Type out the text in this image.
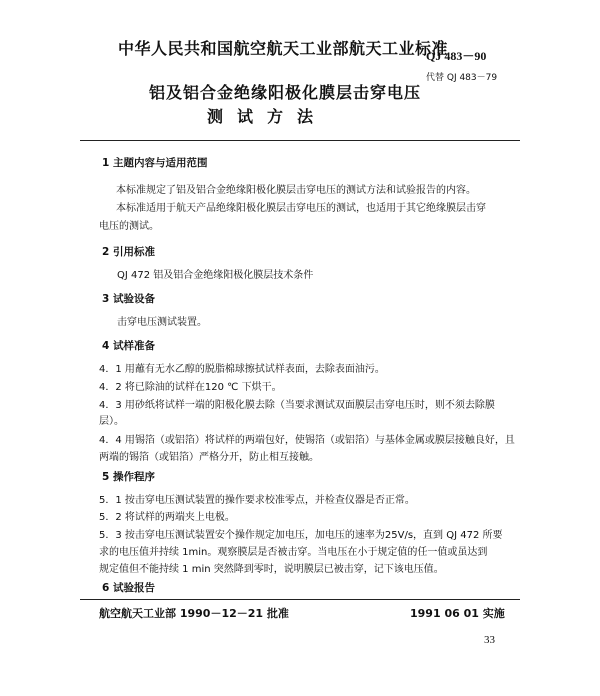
中华人民共和国航空航天工业部航天工业标准
QJ 483－90
代替 QJ 483－79
铝及铝合金绝缘阳极化膜层击穿电压
测试方法
1 主题内容与适用范围
本标准规定了铝及铝合金绝缘阳极化膜层击穿电压的测试方法和试验报告的内容。
本标准适用于航天产品绝缘阳极化膜层击穿电压的测试，也适用于其它绝缘膜层击穿
电压的测试。
2 引用标准
QJ 472 铝及铝合金绝缘阳极化膜层技术条件
3 试验设备
击穿电压测试装置。
4 试样准备
4．1 用蘸有无水乙醇的脱脂棉球擦拭试样表面，去除表面油污。
4．2 将已除油的试样在120 ℃ 下烘干。
4．3 用砂纸将试样一端的阳极化膜去除（当要求测试双面膜层击穿电压时，则不须去除膜
层）。
4．4 用锡箔（或铝箔）将试样的两端包好，使锡箔（或铝箔）与基体金属或膜层接触良好，且
两端的锡箔（或铝箔）严格分开，防止相互接触。
5 操作程序
5．1 按击穿电压测试装置的操作要求校准零点，并检查仪器是否正常。
5．2 将试样的两端夹上电极。
5．3 按击穿电压测试装置安个操作规定加电压，加电压的速率为25V/s，直到 QJ 472 所要
求的电压值并持续 1min。观察膜层是否被击穿。当电压在小于规定值的任一值或虽达到
规定值但不能持续 1 min 突然降到零时，说明膜层已被击穿，记下该电压值。
6 试验报告
航空航天工业部 1990－12－21 批准	1991 06 01 实施
33
